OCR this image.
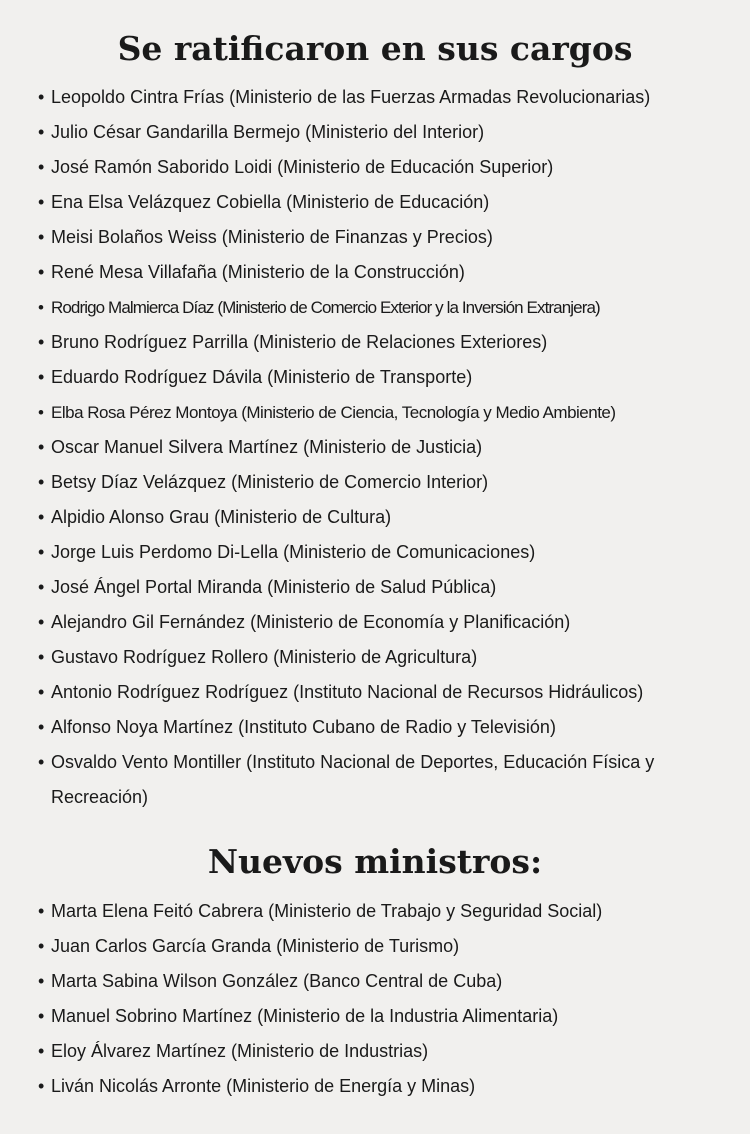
Se ratificaron en sus cargos
• Leopoldo Cintra Frías (Ministerio de las Fuerzas Armadas Revolucionarias)
• Julio César Gandarilla Bermejo (Ministerio del Interior)
• José Ramón Saborido Loidi (Ministerio de Educación Superior)
• Ena Elsa Velázquez Cobiella (Ministerio de Educación)
• Meisi Bolaños Weiss (Ministerio de Finanzas y Precios)
• René Mesa Villafaña (Ministerio de la Construcción)
• Rodrigo Malmierca Díaz (Ministerio de Comercio Exterior y la Inversión Extranjera)
• Bruno Rodríguez Parrilla (Ministerio de Relaciones Exteriores)
• Eduardo Rodríguez Dávila (Ministerio de Transporte)
• Elba Rosa Pérez Montoya (Ministerio de Ciencia, Tecnología y Medio Ambiente)
• Oscar Manuel Silvera Martínez (Ministerio de Justicia)
• Betsy Díaz Velázquez (Ministerio de Comercio Interior)
• Alpidio Alonso Grau (Ministerio de Cultura)
• Jorge Luis Perdomo Di-Lella (Ministerio de Comunicaciones)
• José Ángel Portal Miranda (Ministerio de Salud Pública)
• Alejandro Gil Fernández (Ministerio de Economía y Planificación)
• Gustavo Rodríguez Rollero (Ministerio de Agricultura)
• Antonio Rodríguez Rodríguez (Instituto Nacional de Recursos Hidráulicos)
• Alfonso Noya Martínez (Instituto Cubano de Radio y Televisión)
• Osvaldo Vento Montiller (Instituto Nacional de Deportes, Educación Física y Recreación)
Nuevos ministros:
• Marta Elena Feitó Cabrera (Ministerio de Trabajo y Seguridad Social)
• Juan Carlos García Granda (Ministerio de Turismo)
• Marta Sabina Wilson González (Banco Central de Cuba)
• Manuel Sobrino Martínez (Ministerio de la Industria Alimentaria)
• Eloy Álvarez Martínez (Ministerio de Industrias)
• Liván Nicolás Arronte (Ministerio de Energía y Minas)
